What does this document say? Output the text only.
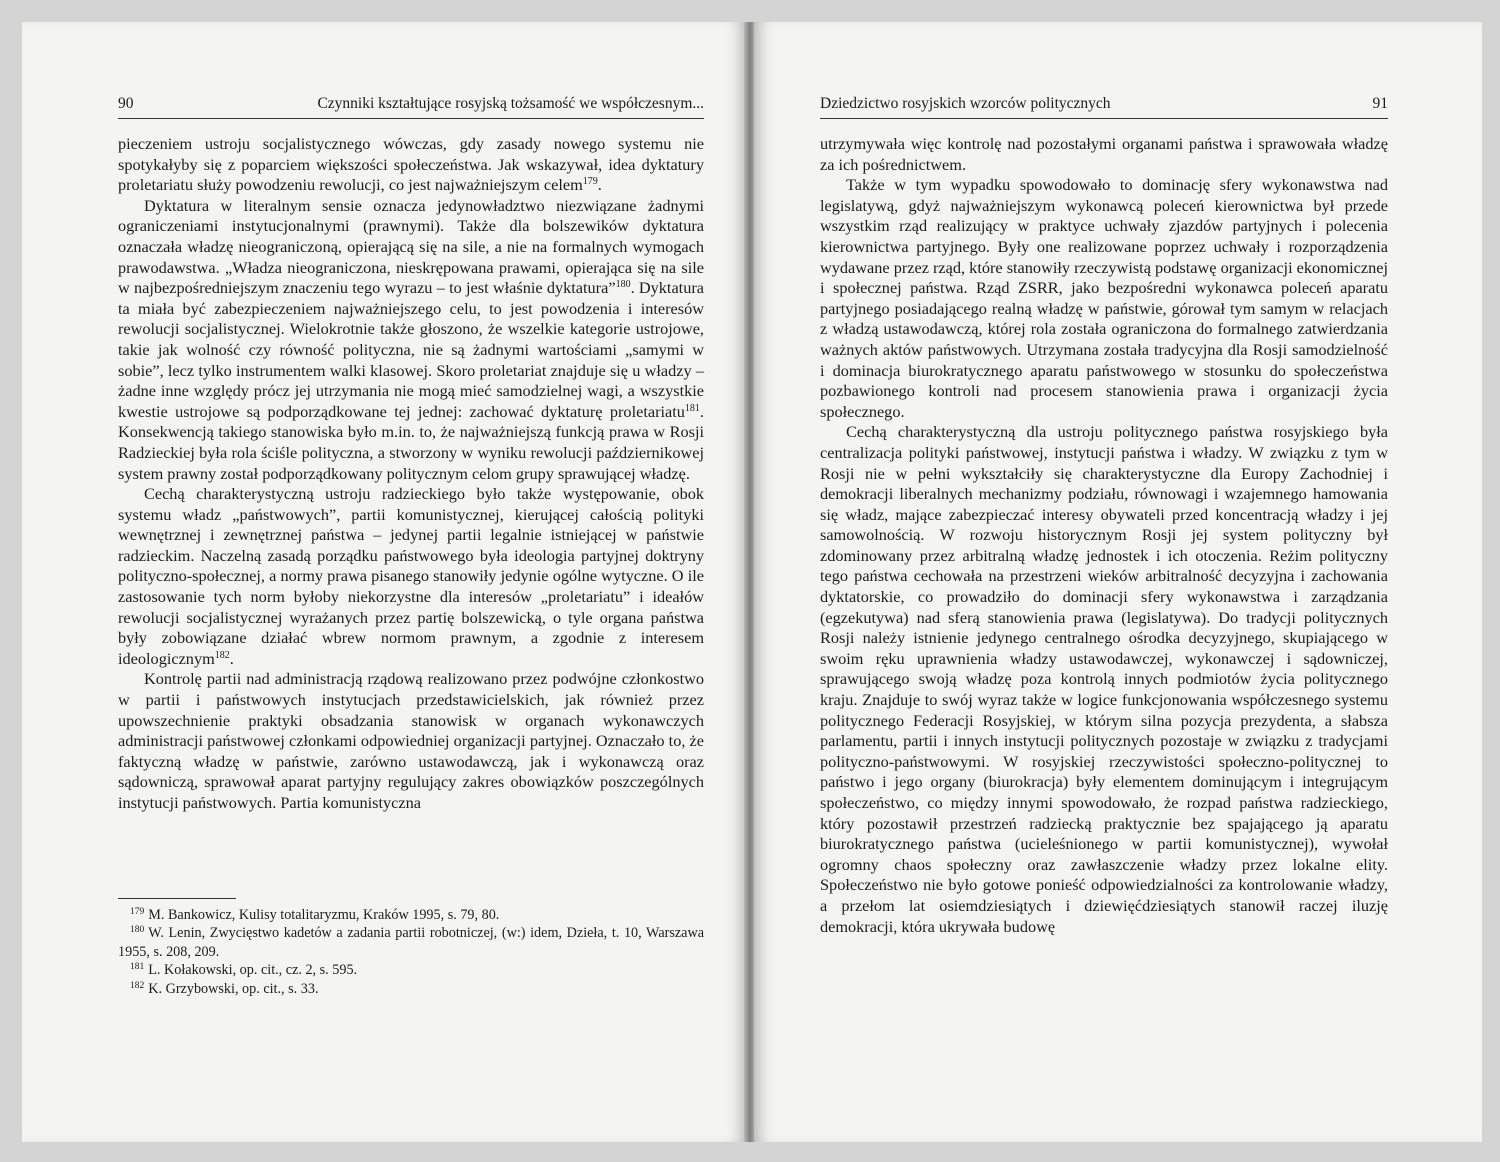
90	Czynniki kształtujące rosyjską tożsamość we współczesnym...

pieczeniem ustroju socjalistycznego wówczas, gdy zasady nowego systemu nie spotykałyby się z poparciem większości społeczeństwa. Jak wskazywał, idea dyktatury proletariatu służy powodzeniu rewolucji, co jest najważniejszym celem$^{179}$.

Dyktatura w literalnym sensie oznacza jedynowładztwo niezwiązane żadnymi ograniczeniami instytucjonalnymi (prawnymi). Także dla bolszewików dyktatura oznaczała władzę nieograniczoną, opierającą się na sile, a nie na formalnych wymogach prawodawstwa. „Władza nieograniczona, nieskrępowana prawami, opierająca się na sile w najbezpośredniejszym znaczeniu tego wyrazu – to jest właśnie dyktatura”$^{180}$. Dyktatura ta miała być zabezpieczeniem najważniejszego celu, to jest powodzenia i interesów rewolucji socjalistycznej. Wielokrotnie także głoszono, że wszelkie kategorie ustrojowe, takie jak wolność czy równość polityczna, nie są żadnymi wartościami „samymi w sobie”, lecz tylko instrumentem walki klasowej. Skoro proletariat znajduje się u władzy – żadne inne względy prócz jej utrzymania nie mogą mieć samodzielnej wagi, a wszystkie kwestie ustrojowe są podporządkowane tej jednej: zachować dyktaturę proletariatu$^{181}$. Konsekwencją takiego stanowiska było m.in. to, że najważniejszą funkcją prawa w Rosji Radzieckiej była rola ściśle polityczna, a stworzony w wyniku rewolucji październikowej system prawny został podporządkowany politycznym celom grupy sprawującej władzę.

Cechą charakterystyczną ustroju radzieckiego było także występowanie, obok systemu władz „państwowych”, partii komunistycznej, kierującej całością polityki wewnętrznej i zewnętrznej państwa – jedynej partii legalnie istniejącej w państwie radzieckim. Naczelną zasadą porządku państwowego była ideologia partyjnej doktryny polityczno-społecznej, a normy prawa pisanego stanowiły jedynie ogólne wytyczne. O ile zastosowanie tych norm byłoby niekorzystne dla interesów „proletariatu” i ideałów rewolucji socjalistycznej wyrażanych przez partię bolszewicką, o tyle organa państwa były zobowiązane działać wbrew normom prawnym, a zgodnie z interesem ideologicznym$^{182}$.

Kontrolę partii nad administracją rządową realizowano przez podwójne członkostwo w partii i państwowych instytucjach przedstawicielskich, jak również przez upowszechnienie praktyki obsadzania stanowisk w organach wykonawczych administracji państwowej członkami odpowiedniej organizacji partyjnej. Oznaczało to, że faktyczną władzę w państwie, zarówno ustawodawczą, jak i wykonawczą oraz sądowniczą, sprawował aparat partyjny regulujący zakres obowiązków poszczególnych instytucji państwowych. Partia komunistyczna

$^{179}$ M. Bankowicz, Kulisy totalitaryzmu, Kraków 1995, s. 79, 80.

$^{180}$ W. Lenin, Zwycięstwo kadetów a zadania partii robotniczej, (w:) idem, Dzieła, t. 10, Warszawa 1955, s. 208, 209.

$^{181}$ L. Kołakowski, op. cit., cz. 2, s. 595.

$^{182}$ K. Grzybowski, op. cit., s. 33.

Dziedzictwo rosyjskich wzorców politycznych	91

utrzymywała więc kontrolę nad pozostałymi organami państwa i sprawowała władzę za ich pośrednictwem.

Także w tym wypadku spowodowało to dominację sfery wykonawstwa nad legislatywą, gdyż najważniejszym wykonawcą poleceń kierownictwa był przede wszystkim rząd realizujący w praktyce uchwały zjazdów partyjnych i polecenia kierownictwa partyjnego. Były one realizowane poprzez uchwały i rozporządzenia wydawane przez rząd, które stanowiły rzeczywistą podstawę organizacji ekonomicznej i społecznej państwa. Rząd ZSRR, jako bezpośredni wykonawca poleceń aparatu partyjnego posiadającego realną władzę w państwie, górował tym samym w relacjach z władzą ustawodawczą, której rola została ograniczona do formalnego zatwierdzania ważnych aktów państwowych. Utrzymana została tradycyjna dla Rosji samodzielność i dominacja biurokratycznego aparatu państwowego w stosunku do społeczeństwa pozbawionego kontroli nad procesem stanowienia prawa i organizacji życia społecznego.

Cechą charakterystyczną dla ustroju politycznego państwa rosyjskiego była centralizacja polityki państwowej, instytucji państwa i władzy. W związku z tym w Rosji nie w pełni wykształciły się charakterystyczne dla Europy Zachodniej i demokracji liberalnych mechanizmy podziału, równowagi i wzajemnego hamowania się władz, mające zabezpieczać interesy obywateli przed koncentracją władzy i jej samowolnością. W rozwoju historycznym Rosji jej system polityczny był zdominowany przez arbitralną władzę jednostek i ich otoczenia. Reżim polityczny tego państwa cechowała na przestrzeni wieków arbitralność decyzyjna i zachowania dyktatorskie, co prowadziło do dominacji sfery wykonawstwa i zarządzania (egzekutywa) nad sferą stanowienia prawa (legislatywa). Do tradycji politycznych Rosji należy istnienie jedynego centralnego ośrodka decyzyjnego, skupiającego w swoim ręku uprawnienia władzy ustawodawczej, wykonawczej i sądowniczej, sprawującego swoją władzę poza kontrolą innych podmiotów życia politycznego kraju. Znajduje to swój wyraz także w logice funkcjonowania współczesnego systemu politycznego Federacji Rosyjskiej, w którym silna pozycja prezydenta, a słabsza parlamentu, partii i innych instytucji politycznych pozostaje w związku z tradycjami polityczno-państwowymi. W rosyjskiej rzeczywistości społeczno-politycznej to państwo i jego organy (biurokracja) były elementem dominującym i integrującym społeczeństwo, co między innymi spowodowało, że rozpad państwa radzieckiego, który pozostawił przestrzeń radziecką praktycznie bez spajającego ją aparatu biurokratycznego państwa (ucieleśnionego w partii komunistycznej), wywołał ogromny chaos społeczny oraz zawłaszczenie władzy przez lokalne elity. Społeczeństwo nie było gotowe ponieść odpowiedzialności za kontrolowanie władzy, a przełom lat osiemdziesiątych i dziewięćdziesiątych stanowił raczej iluzję demokracji, która ukrywała budowę
